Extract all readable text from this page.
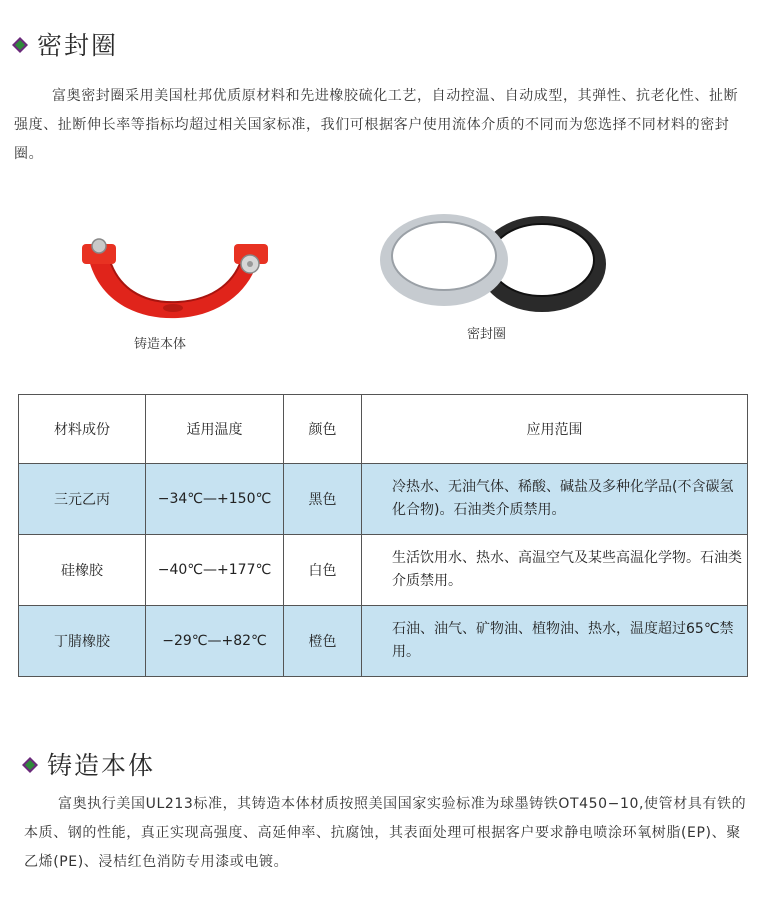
密封圈
富奥密封圈采用美国杜邦优质原材料和先进橡胶硫化工艺，自动控温、自动成型，其弹性、抗老化性、扯断强度、扯断伸长率等指标均超过相关国家标准，我们可根据客户使用流体介质的不同而为您选择不同材料的密封圈。
铸造本体
密封圈
材料成份	适用温度	颜色	应用范围
三元乙丙	−34℃—+150℃	黑色	冷热水、无油气体、稀酸、碱盐及多种化学品(不含碳氢化合物)。石油类介质禁用。
硅橡胶	−40℃—+177℃	白色	生活饮用水、热水、高温空气及某些高温化学物。石油类介质禁用。
丁腈橡胶	−29℃—+82℃	橙色	石油、油气、矿物油、植物油、热水，温度超过65℃禁用。
铸造本体
富奥执行美国UL213标准，其铸造本体材质按照美国国家实验标准为球墨铸铁OT450−10,使管材具有铁的本质、钢的性能，真正实现高强度、高延伸率、抗腐蚀，其表面处理可根据客户要求静电喷涂环氧树脂(EP)、聚乙烯(PE)、浸桔红色消防专用漆或电镀。
